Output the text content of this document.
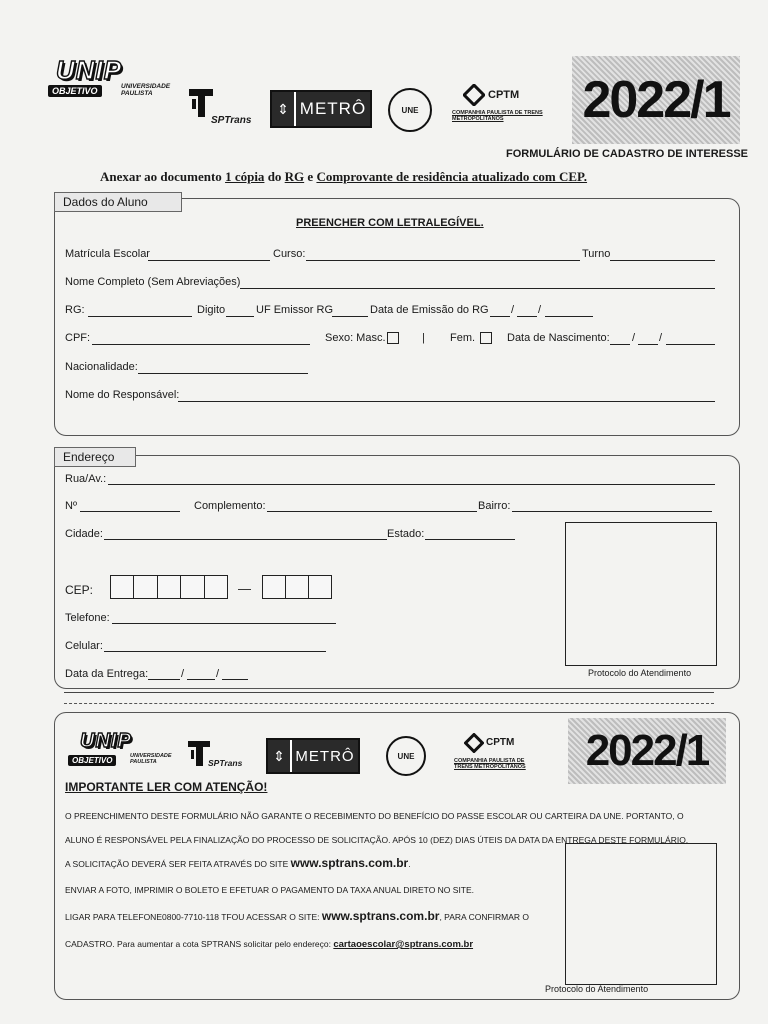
UNIP
OBJETIVO	UNIVERSIDADE PAULISTA
SPTrans
⇕ METRÔ	UNE
CPTM
COMPANHIA PAULISTA DE TRENS METROPOLITANOS	2022/1
FORMULÁRIO DE CADASTRO DE INTERESSE
Anexar ao documento 1 cópia do RG e Comprovante de residência atualizado com CEP.
Dados do Aluno
PREENCHER COM LETRALEGÍVEL.
Matrícula Escolar	Curso:	Turno
Nome Completo (Sem Abreviações)
RG:	Digito	UF Emissor RG	Data de Emissão do RG / /
CPF:	Sexo: Masc.	| Fem.	Data de Nascimento: / /
Nacionalidade:
Nome do Responsável:
Endereço
Rua/Av.:
Nº	Complemento:	Bairro:
Cidade:	Estado:
CEP:	—
Telefone:
Celular:
Data da Entrega:	/	/	Protocolo do Atendimento
UNIP
OBJETIVO	UNIVERSIDADE PAULISTA	SPTrans	⇕ METRÔ	UNE
CPTM
COMPANHIA PAULISTA DE TRENS METROPOLITANOS	2022/1
IMPORTANTE LER COM ATENÇÃO!
O PREENCHIMENTO DESTE FORMULÁRIO NÃO GARANTE O RECEBIMENTO DO BENEFÍCIO DO PASSE ESCOLAR OU CARTEIRA DA UNE. PORTANTO, O
ALUNO É RESPONSÁVEL PELA FINALIZAÇÃO DO PROCESSO DE SOLICITAÇÃO. APÓS 10 (DEZ) DIAS ÚTEIS DA DATA DA ENTREGA DESTE FORMULÁRIO,
A SOLICITAÇÃO DEVERÁ SER FEITA ATRAVÉS DO SITE www.sptrans.com.br.
ENVIAR A FOTO, IMPRIMIR O BOLETO E EFETUAR O PAGAMENTO DA TAXA ANUAL DIRETO NO SITE.
LIGAR PARA TELEFONE0800-7710-118 TFOU ACESSAR O SITE: www.sptrans.com.br, PARA CONFIRMAR O
CADASTRO. Para aumentar a cota SPTRANS solicitar pelo endereço: cartaoescolar@sptrans.com.br
Protocolo do Atendimento
